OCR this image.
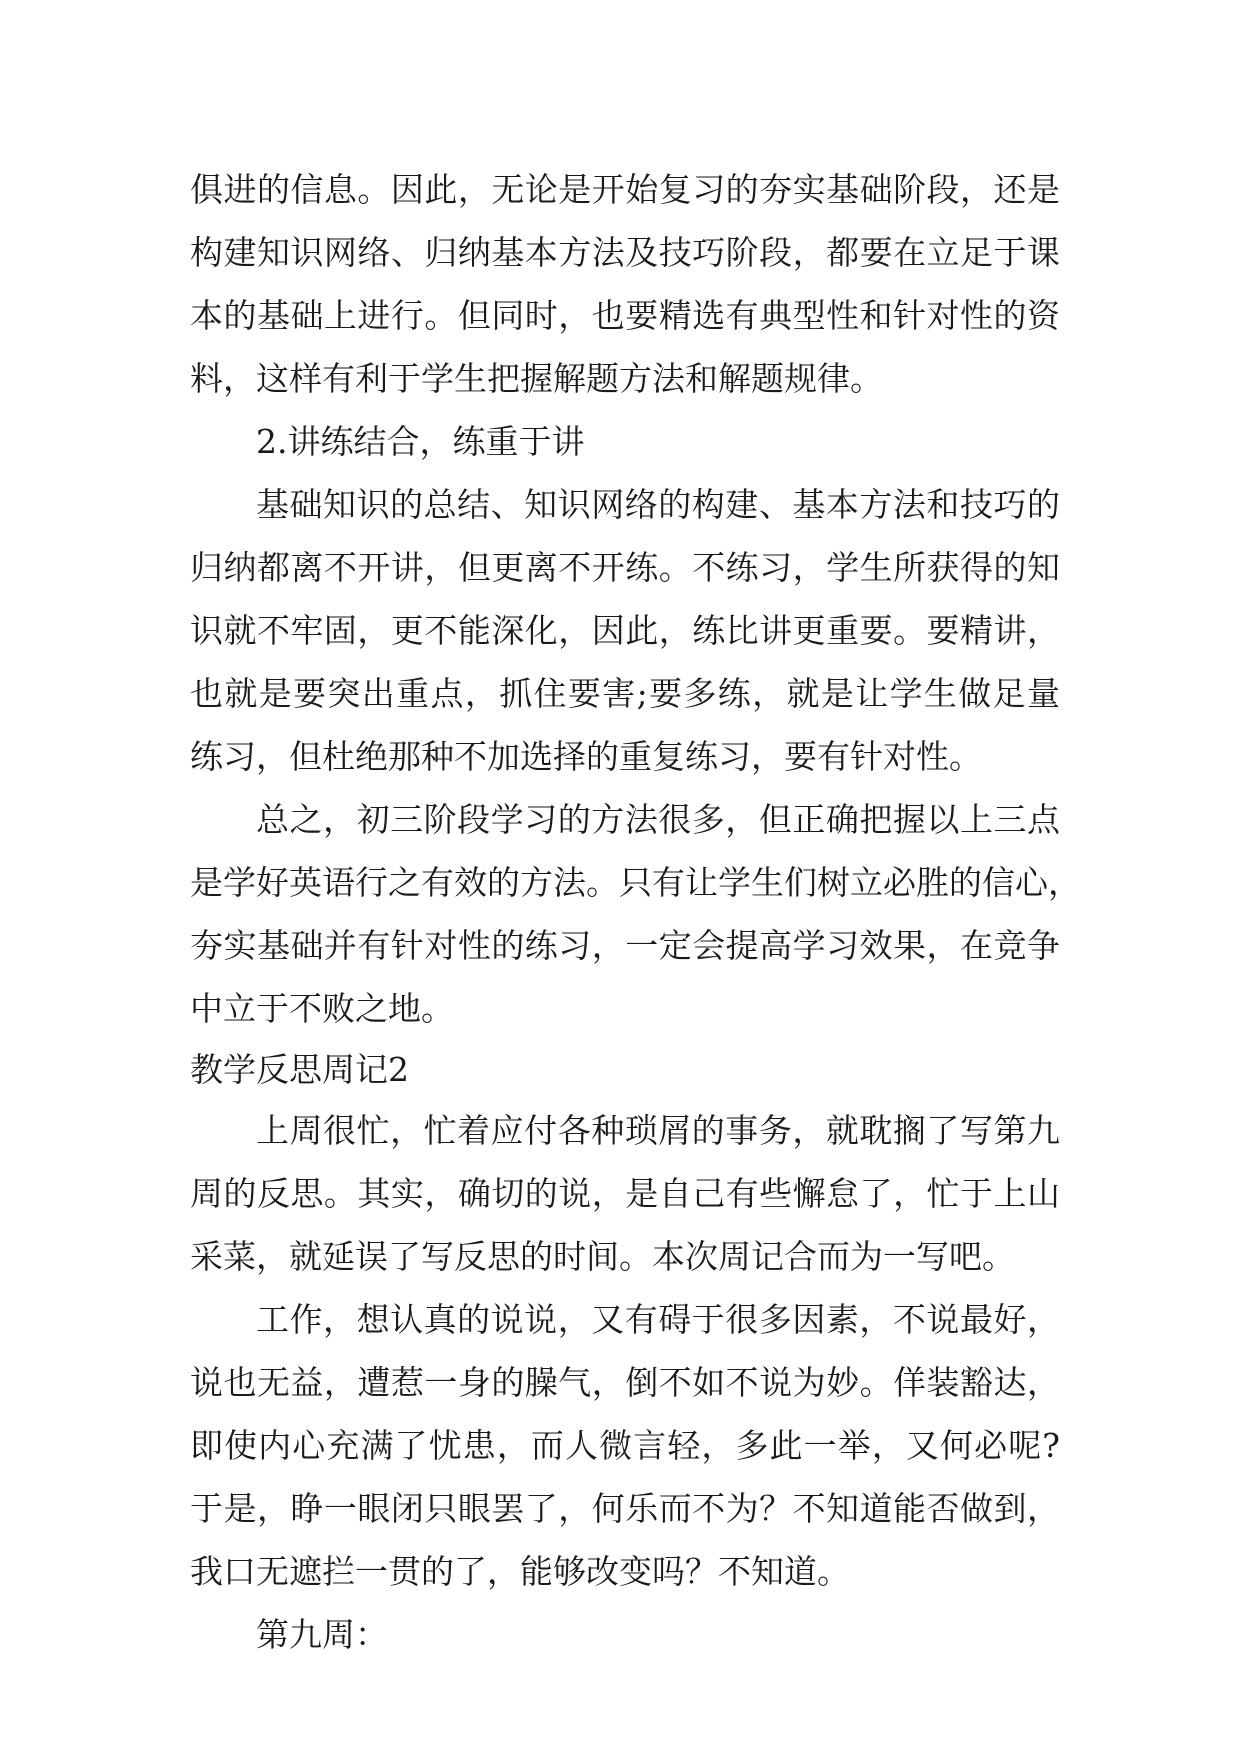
俱进的信息。因此，无论是开始复习的夯实基础阶段，还是
构建知识网络、归纳基本方法及技巧阶段，都要在立足于课
本的基础上进行。但同时，也要精选有典型性和针对性的资
料，这样有利于学生把握解题方法和解题规律。
2.讲练结合，练重于讲
基础知识的总结、知识网络的构建、基本方法和技巧的
归纳都离不开讲，但更离不开练。不练习，学生所获得的知
识就不牢固，更不能深化，因此，练比讲更重要。要精讲，
也就是要突出重点，抓住要害;要多练，就是让学生做足量
练习，但杜绝那种不加选择的重复练习，要有针对性。
总之，初三阶段学习的方法很多，但正确把握以上三点
是学好英语行之有效的方法。只有让学生们树立必胜的信心，
夯实基础并有针对性的练习，一定会提高学习效果，在竞争
中立于不败之地。
教学反思周记2
上周很忙，忙着应付各种琐屑的事务，就耽搁了写第九
周的反思。其实，确切的说，是自己有些懈怠了，忙于上山
采菜，就延误了写反思的时间。本次周记合而为一写吧。
工作，想认真的说说，又有碍于很多因素，不说最好，
说也无益，遭惹一身的臊气，倒不如不说为妙。佯装豁达，
即使内心充满了忧患，而人微言轻，多此一举，又何必呢?
于是，睁一眼闭只眼罢了，何乐而不为？不知道能否做到，
我口无遮拦一贯的了，能够改变吗？不知道。
第九周：
